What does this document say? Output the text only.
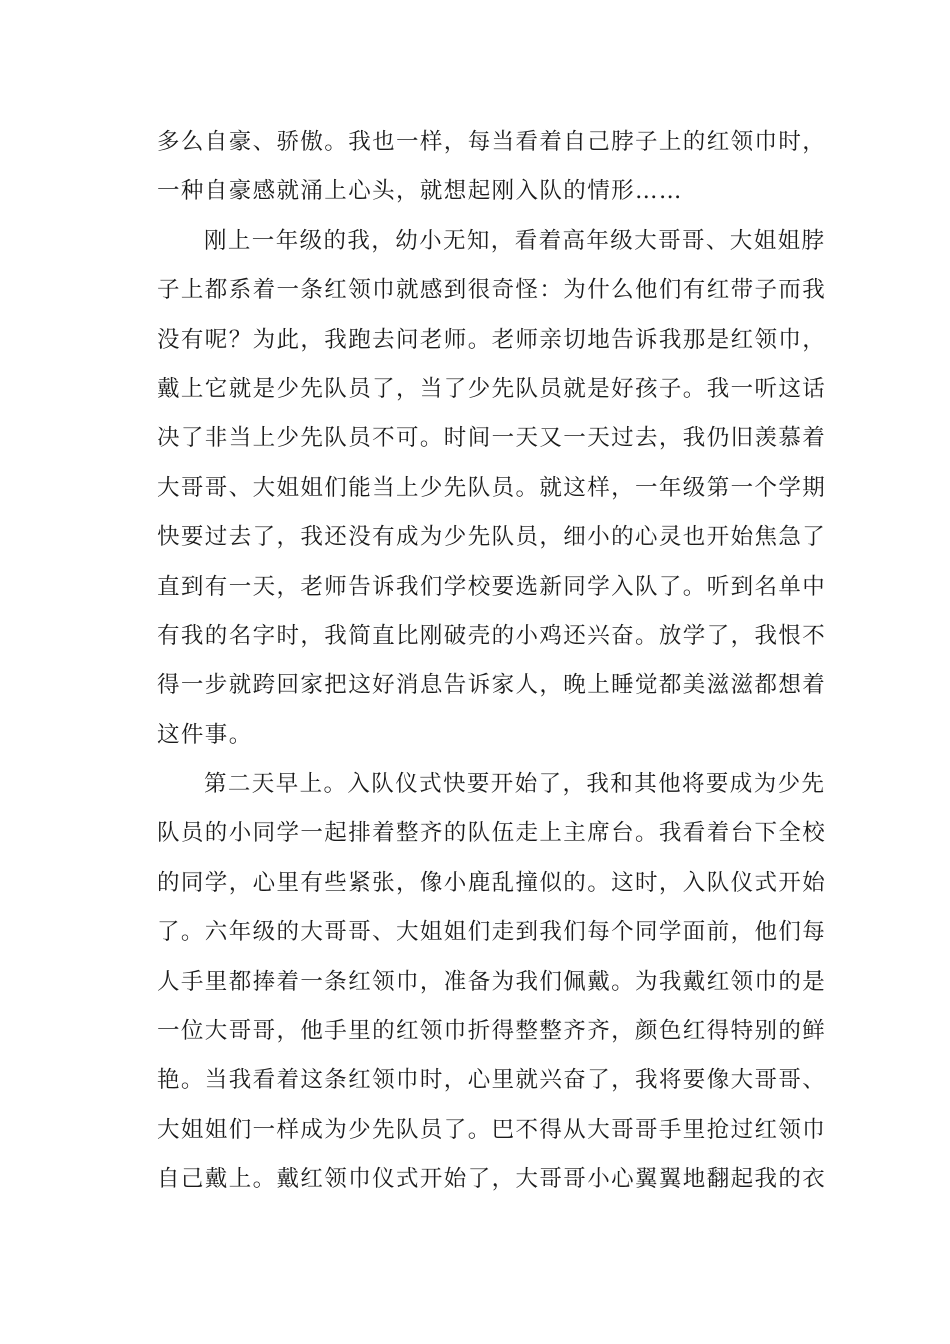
多么自豪、骄傲。我也一样，每当看着自己脖子上的红领巾时，
一种自豪感就涌上心头，就想起刚入队的情形……
刚上一年级的我，幼小无知，看着高年级大哥哥、大姐姐脖
子上都系着一条红领巾就感到很奇怪：为什么他们有红带子而我
没有呢？为此，我跑去问老师。老师亲切地告诉我那是红领巾，
戴上它就是少先队员了，当了少先队员就是好孩子。我一听这话
决了非当上少先队员不可。时间一天又一天过去，我仍旧羡慕着
大哥哥、大姐姐们能当上少先队员。就这样，一年级第一个学期
快要过去了，我还没有成为少先队员，细小的心灵也开始焦急了
直到有一天，老师告诉我们学校要选新同学入队了。听到名单中
有我的名字时，我简直比刚破壳的小鸡还兴奋。放学了，我恨不
得一步就跨回家把这好消息告诉家人，晚上睡觉都美滋滋都想着
这件事。
第二天早上。入队仪式快要开始了，我和其他将要成为少先
队员的小同学一起排着整齐的队伍走上主席台。我看着台下全校
的同学，心里有些紧张，像小鹿乱撞似的。这时，入队仪式开始
了。六年级的大哥哥、大姐姐们走到我们每个同学面前，他们每
人手里都捧着一条红领巾，准备为我们佩戴。为我戴红领巾的是
一位大哥哥，他手里的红领巾折得整整齐齐，颜色红得特别的鲜
艳。当我看着这条红领巾时，心里就兴奋了，我将要像大哥哥、
大姐姐们一样成为少先队员了。巴不得从大哥哥手里抢过红领巾
自己戴上。戴红领巾仪式开始了，大哥哥小心翼翼地翻起我的衣
